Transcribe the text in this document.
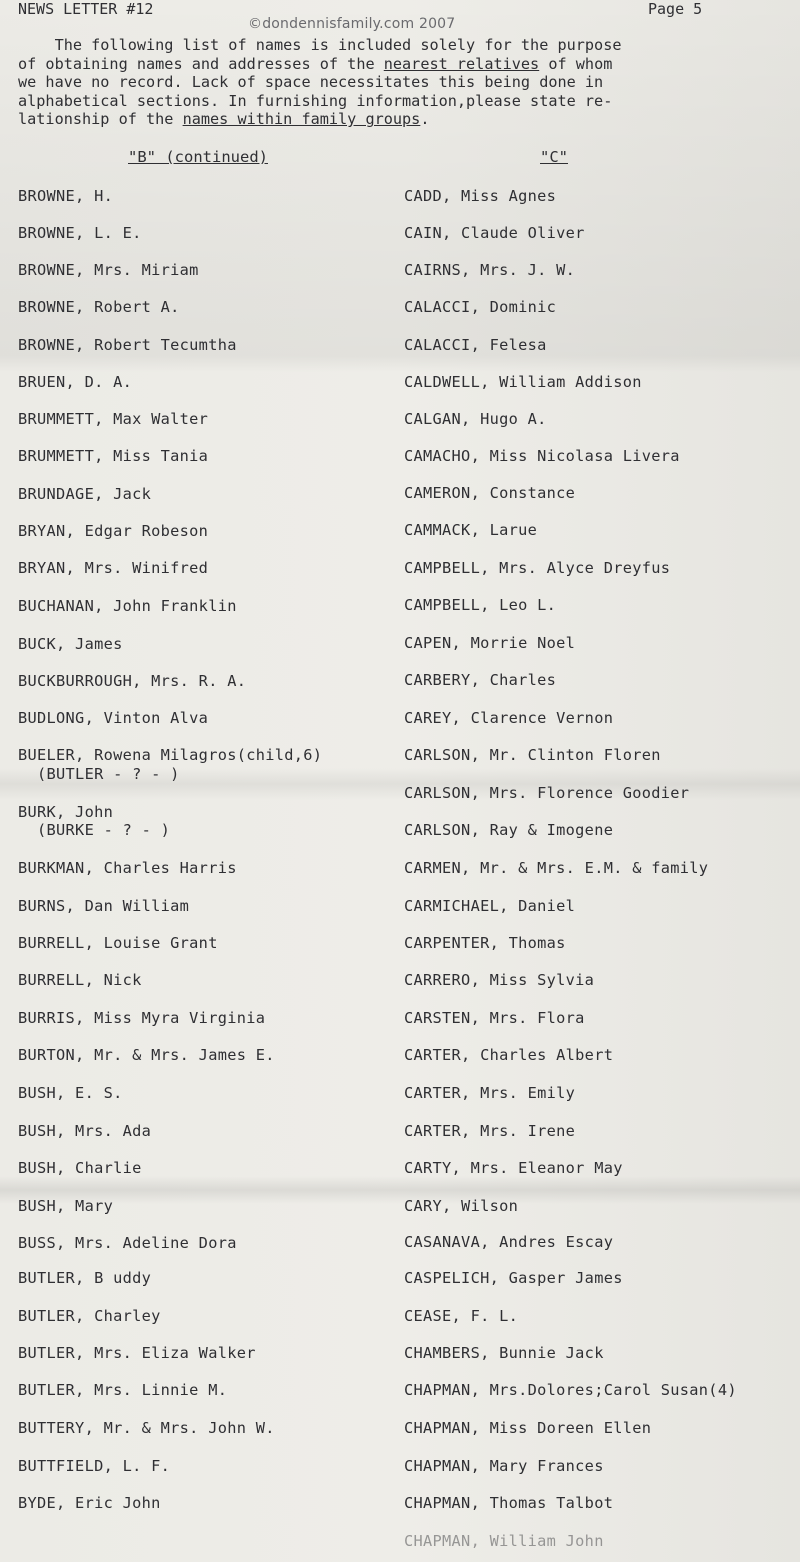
NEWS LETTER #12	Page 5
©dondennisfamily.com 2007
The following list of names is included solely for the purpose
of obtaining names and addresses of the nearest relatives of whom
we have no record. Lack of space necessitates this being done in
alphabetical sections. In furnishing information,please state re-
lationship of the names within family groups.
"B" (continued)	"C"
BROWNE, H.
BROWNE, L. E.
BROWNE, Mrs. Miriam
BROWNE, Robert A.
BROWNE, Robert Tecumtha
BRUEN, D. A.
BRUMMETT, Max Walter
BRUMMETT, Miss Tania
BRUNDAGE, Jack
BRYAN, Edgar Robeson
BRYAN, Mrs. Winifred
BUCHANAN, John Franklin
BUCK, James
BUCKBURROUGH, Mrs. R. A.
BUDLONG, Vinton Alva
BUELER, Rowena Milagros(child,6)
BURK, John
BURKMAN, Charles Harris
BURNS, Dan William
BURRELL, Louise Grant
BURRELL, Nick
BURRIS, Miss Myra Virginia
BURTON, Mr. & Mrs. James E.
BUSH, E. S.
BUSH, Mrs. Ada
BUSH, Charlie
BUSH, Mary
BUSS, Mrs. Adeline Dora
BUTLER, B uddy
BUTLER, Charley
BUTLER, Mrs. Eliza Walker
BUTLER, Mrs. Linnie M.
BUTTERY, Mr. & Mrs. John W.
BUTTFIELD, L. F.
BYDE, Eric John
(BUTLER - ? - )
(BURKE - ? - )
CADD, Miss Agnes
CAIN, Claude Oliver
CAIRNS, Mrs. J. W.
CALACCI, Dominic
CALACCI, Felesa
CALDWELL, William Addison
CALGAN, Hugo A.
CAMACHO, Miss Nicolasa Livera
CAMERON, Constance
CAMMACK, Larue
CAMPBELL, Mrs. Alyce Dreyfus
CAMPBELL, Leo L.
CAPEN, Morrie Noel
CARBERY, Charles
CAREY, Clarence Vernon
CARLSON, Mr. Clinton Floren
CARLSON, Mrs. Florence Goodier
CARLSON, Ray & Imogene
CARMEN, Mr. & Mrs. E.M. & family
CARMICHAEL, Daniel
CARPENTER, Thomas
CARRERO, Miss Sylvia
CARSTEN, Mrs. Flora
CARTER, Charles Albert
CARTER, Mrs. Emily
CARTER, Mrs. Irene
CARTY, Mrs. Eleanor May
CARY, Wilson
CASANAVA, Andres Escay
CASPELICH, Gasper James
CEASE, F. L.
CHAMBERS, Bunnie Jack
CHAPMAN, Mrs.Dolores;Carol Susan(4)
CHAPMAN, Miss Doreen Ellen
CHAPMAN, Mary Frances
CHAPMAN, Thomas Talbot
CHAPMAN, William John
